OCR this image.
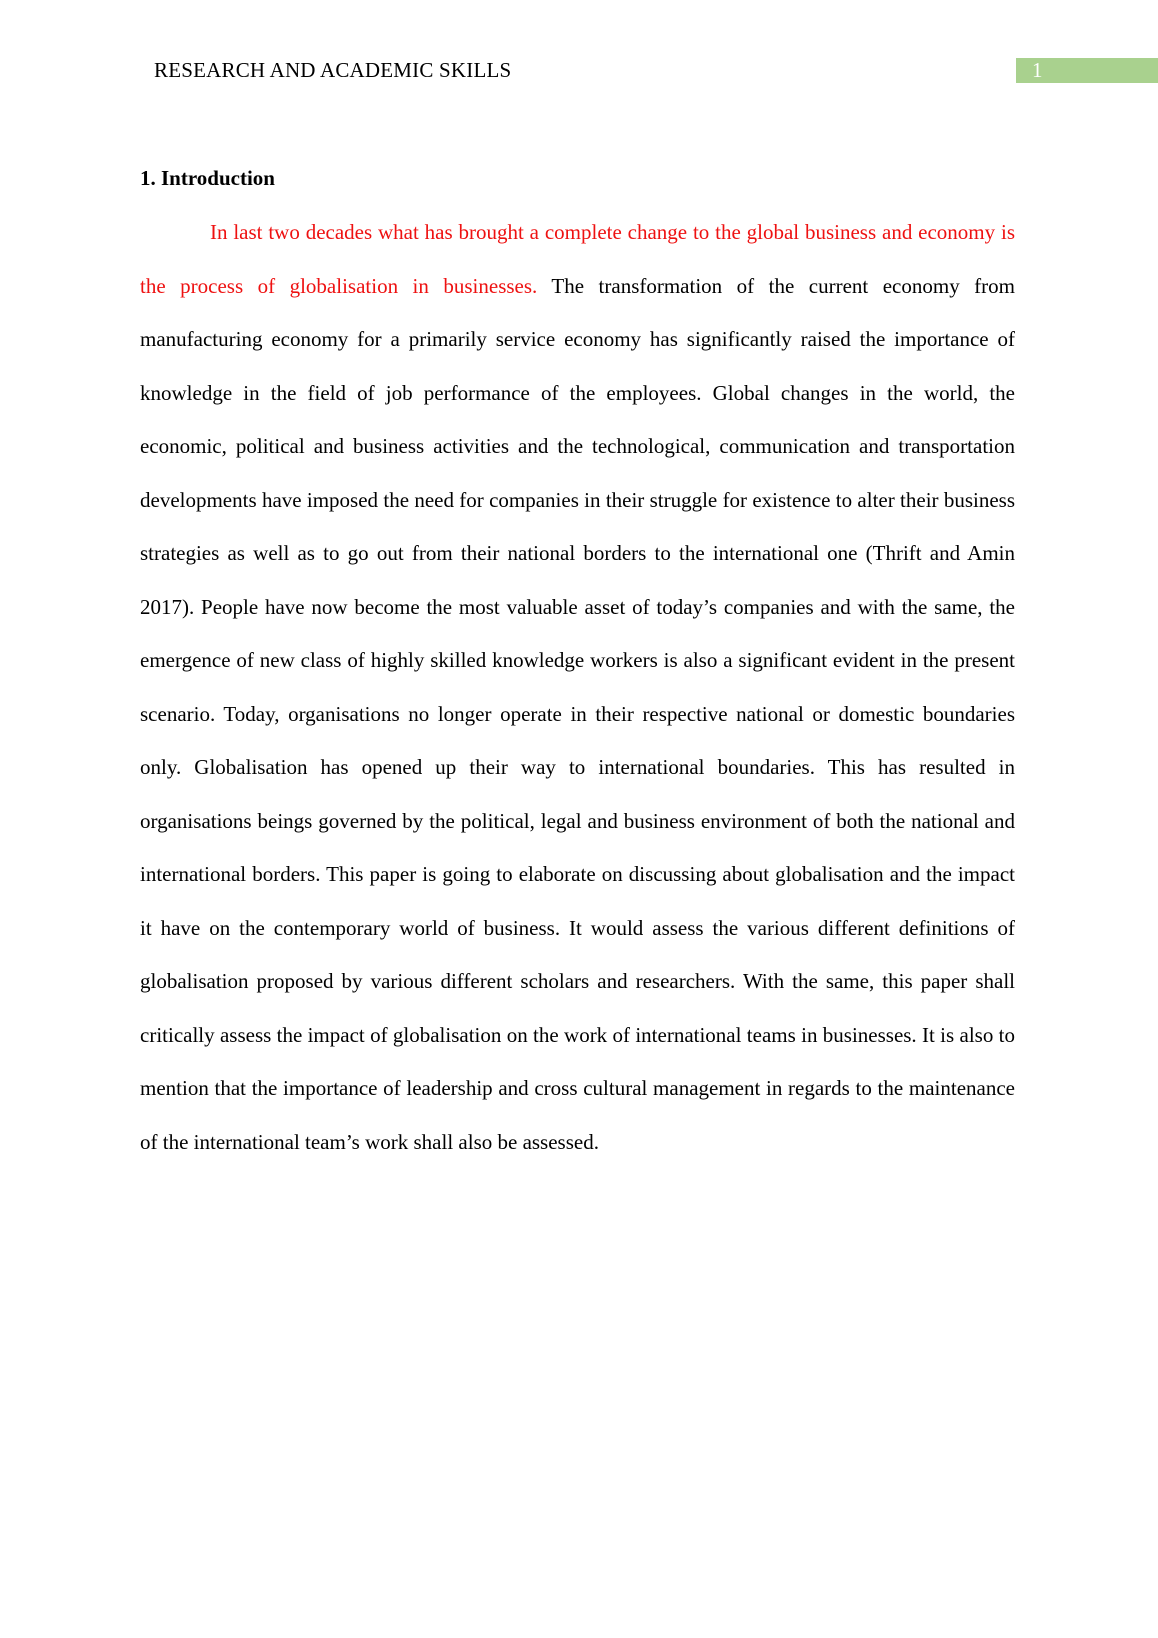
RESEARCH AND ACADEMIC SKILLS	1
1. Introduction

In last two decades what has brought a complete change to the global business and economy is the process of globalisation in businesses. The transformation of the current economy from manufacturing economy for a primarily service economy has significantly raised the importance of knowledge in the field of job performance of the employees. Global changes in the world, the economic, political and business activities and the technological, communication and transportation developments have imposed the need for companies in their struggle for existence to alter their business strategies as well as to go out from their national borders to the international one (Thrift and Amin 2017). People have now become the most valuable asset of today’s companies and with the same, the emergence of new class of highly skilled knowledge workers is also a significant evident in the present scenario. Today, organisations no longer operate in their respective national or domestic boundaries only. Globalisation has opened up their way to international boundaries. This has resulted in organisations beings governed by the political, legal and business environment of both the national and international borders. This paper is going to elaborate on discussing about globalisation and the impact it have on the contemporary world of business. It would assess the various different definitions of globalisation proposed by various different scholars and researchers. With the same, this paper shall critically assess the impact of globalisation on the work of international teams in businesses. It is also to mention that the importance of leadership and cross cultural management in regards to the maintenance of the international team’s work shall also be assessed.
